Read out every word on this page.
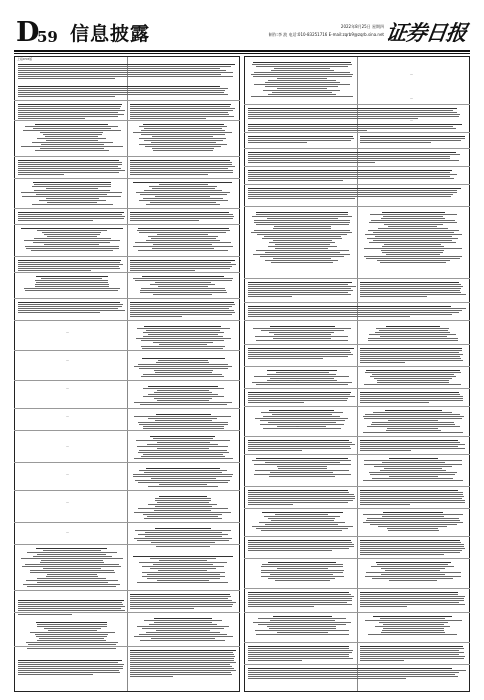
D
59 信息披露	2022年8月25日 星期四
制作:李 波 电话:010-83251716 E-mail:zqrb9@zqrb.sina.net 证券日报
上接D58版
—
—
—
—
—
—
—
—
—
—
—
—
—
